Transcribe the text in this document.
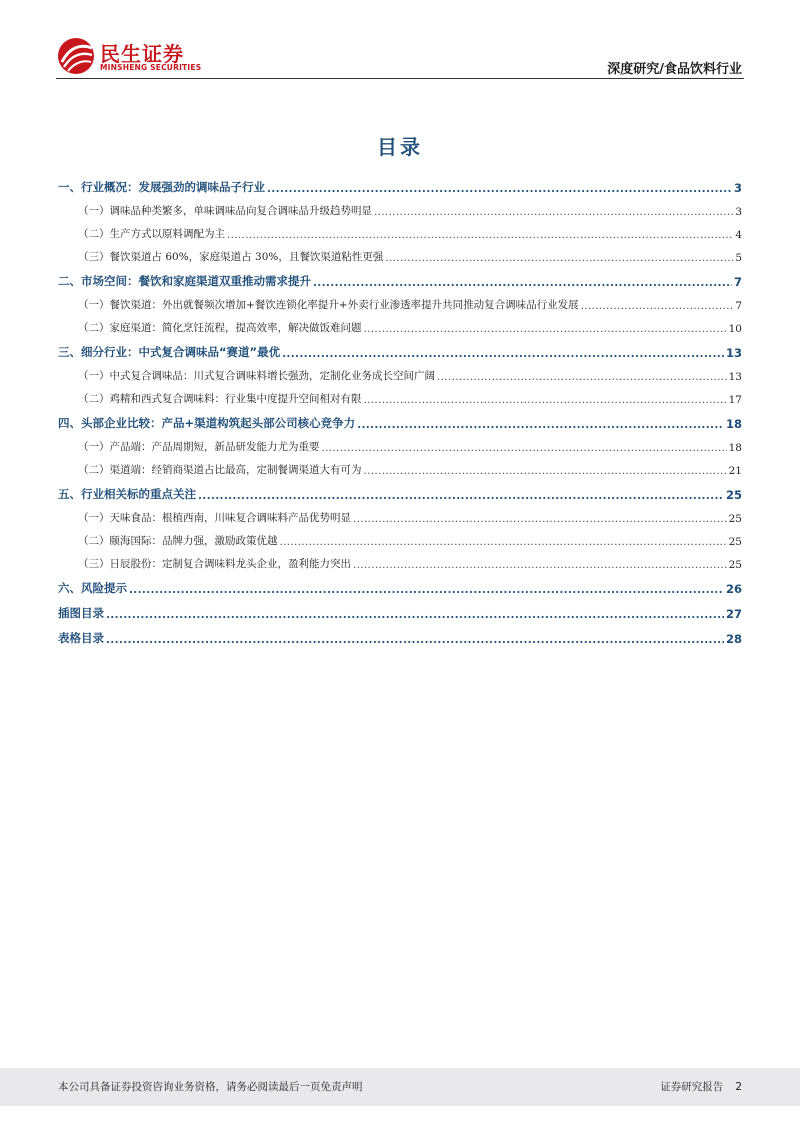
民生证券
MINSHENG SECURITIES	深度研究/食品饮料行业
目录
一、行业概况：发展强劲的调味品子行业 .....	3
（一）调味品种类繁多，单味调味品向复合调味品升级趋势明显 .....	3
（二）生产方式以原料调配为主 .....	4
（三）餐饮渠道占 60%，家庭渠道占 30%，且餐饮渠道粘性更强 .....	5
二、市场空间：餐饮和家庭渠道双重推动需求提升 .....	7
（一）餐饮渠道：外出就餐频次增加+餐饮连锁化率提升+外卖行业渗透率提升共同推动复合调味品行业发展 .....	7
（二）家庭渠道：简化烹饪流程，提高效率，解决做饭难问题 .....	10
三、细分行业：中式复合调味品“赛道”最优 .....	13
（一）中式复合调味品：川式复合调味料增长强劲，定制化业务成长空间广阔 .....	13
（二）鸡精和西式复合调味料：行业集中度提升空间相对有限 .....	17
四、头部企业比较：产品+渠道构筑起头部公司核心竞争力 .....	18
（一）产品端：产品周期短，新品研发能力尤为重要 .....	18
（二）渠道端：经销商渠道占比最高，定制餐调渠道大有可为 .....	21
五、行业相关标的重点关注 .....	25
（一）天味食品：根植西南，川味复合调味料产品优势明显 .....	25
（二）颐海国际：品牌力强，激励政策优越 .....	25
（三）日辰股份：定制复合调味料龙头企业，盈利能力突出 .....	25
六、风险提示 .....	26
插图目录 .....	27
表格目录 .....	28
本公司具备证券投资咨询业务资格，请务必阅读最后一页免责声明	证券研究报告 2
